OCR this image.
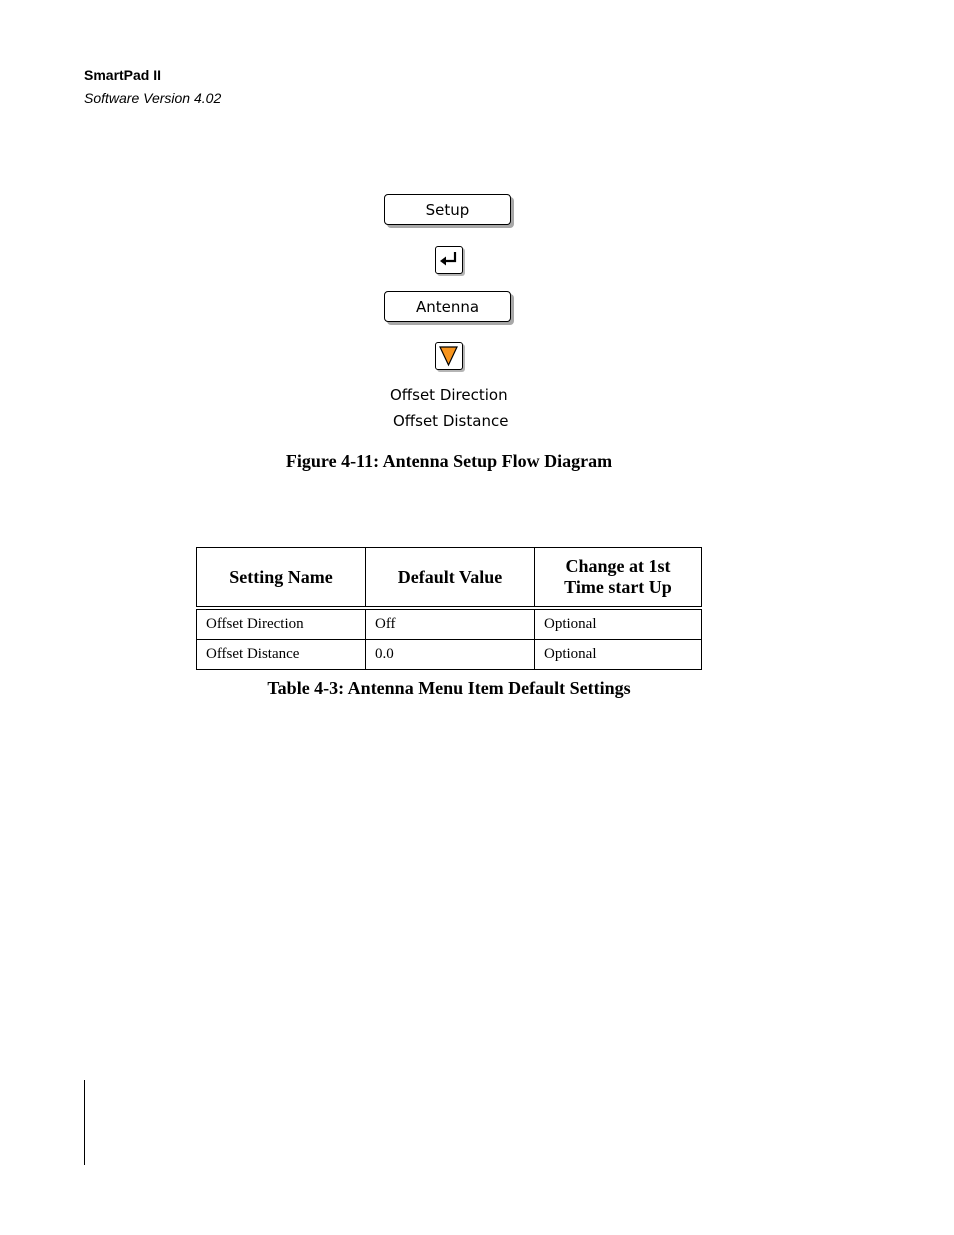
SmartPad II
Software Version 4.02
Setup
Antenna
Offset Direction
Offset Distance
Figure 4-11: Antenna Setup Flow Diagram
Setting Name	Default Value	Change at 1st Time start Up
Offset Direction	Off	Optional
Offset Distance	0.0	Optional
Table 4-3: Antenna Menu Item Default Settings
